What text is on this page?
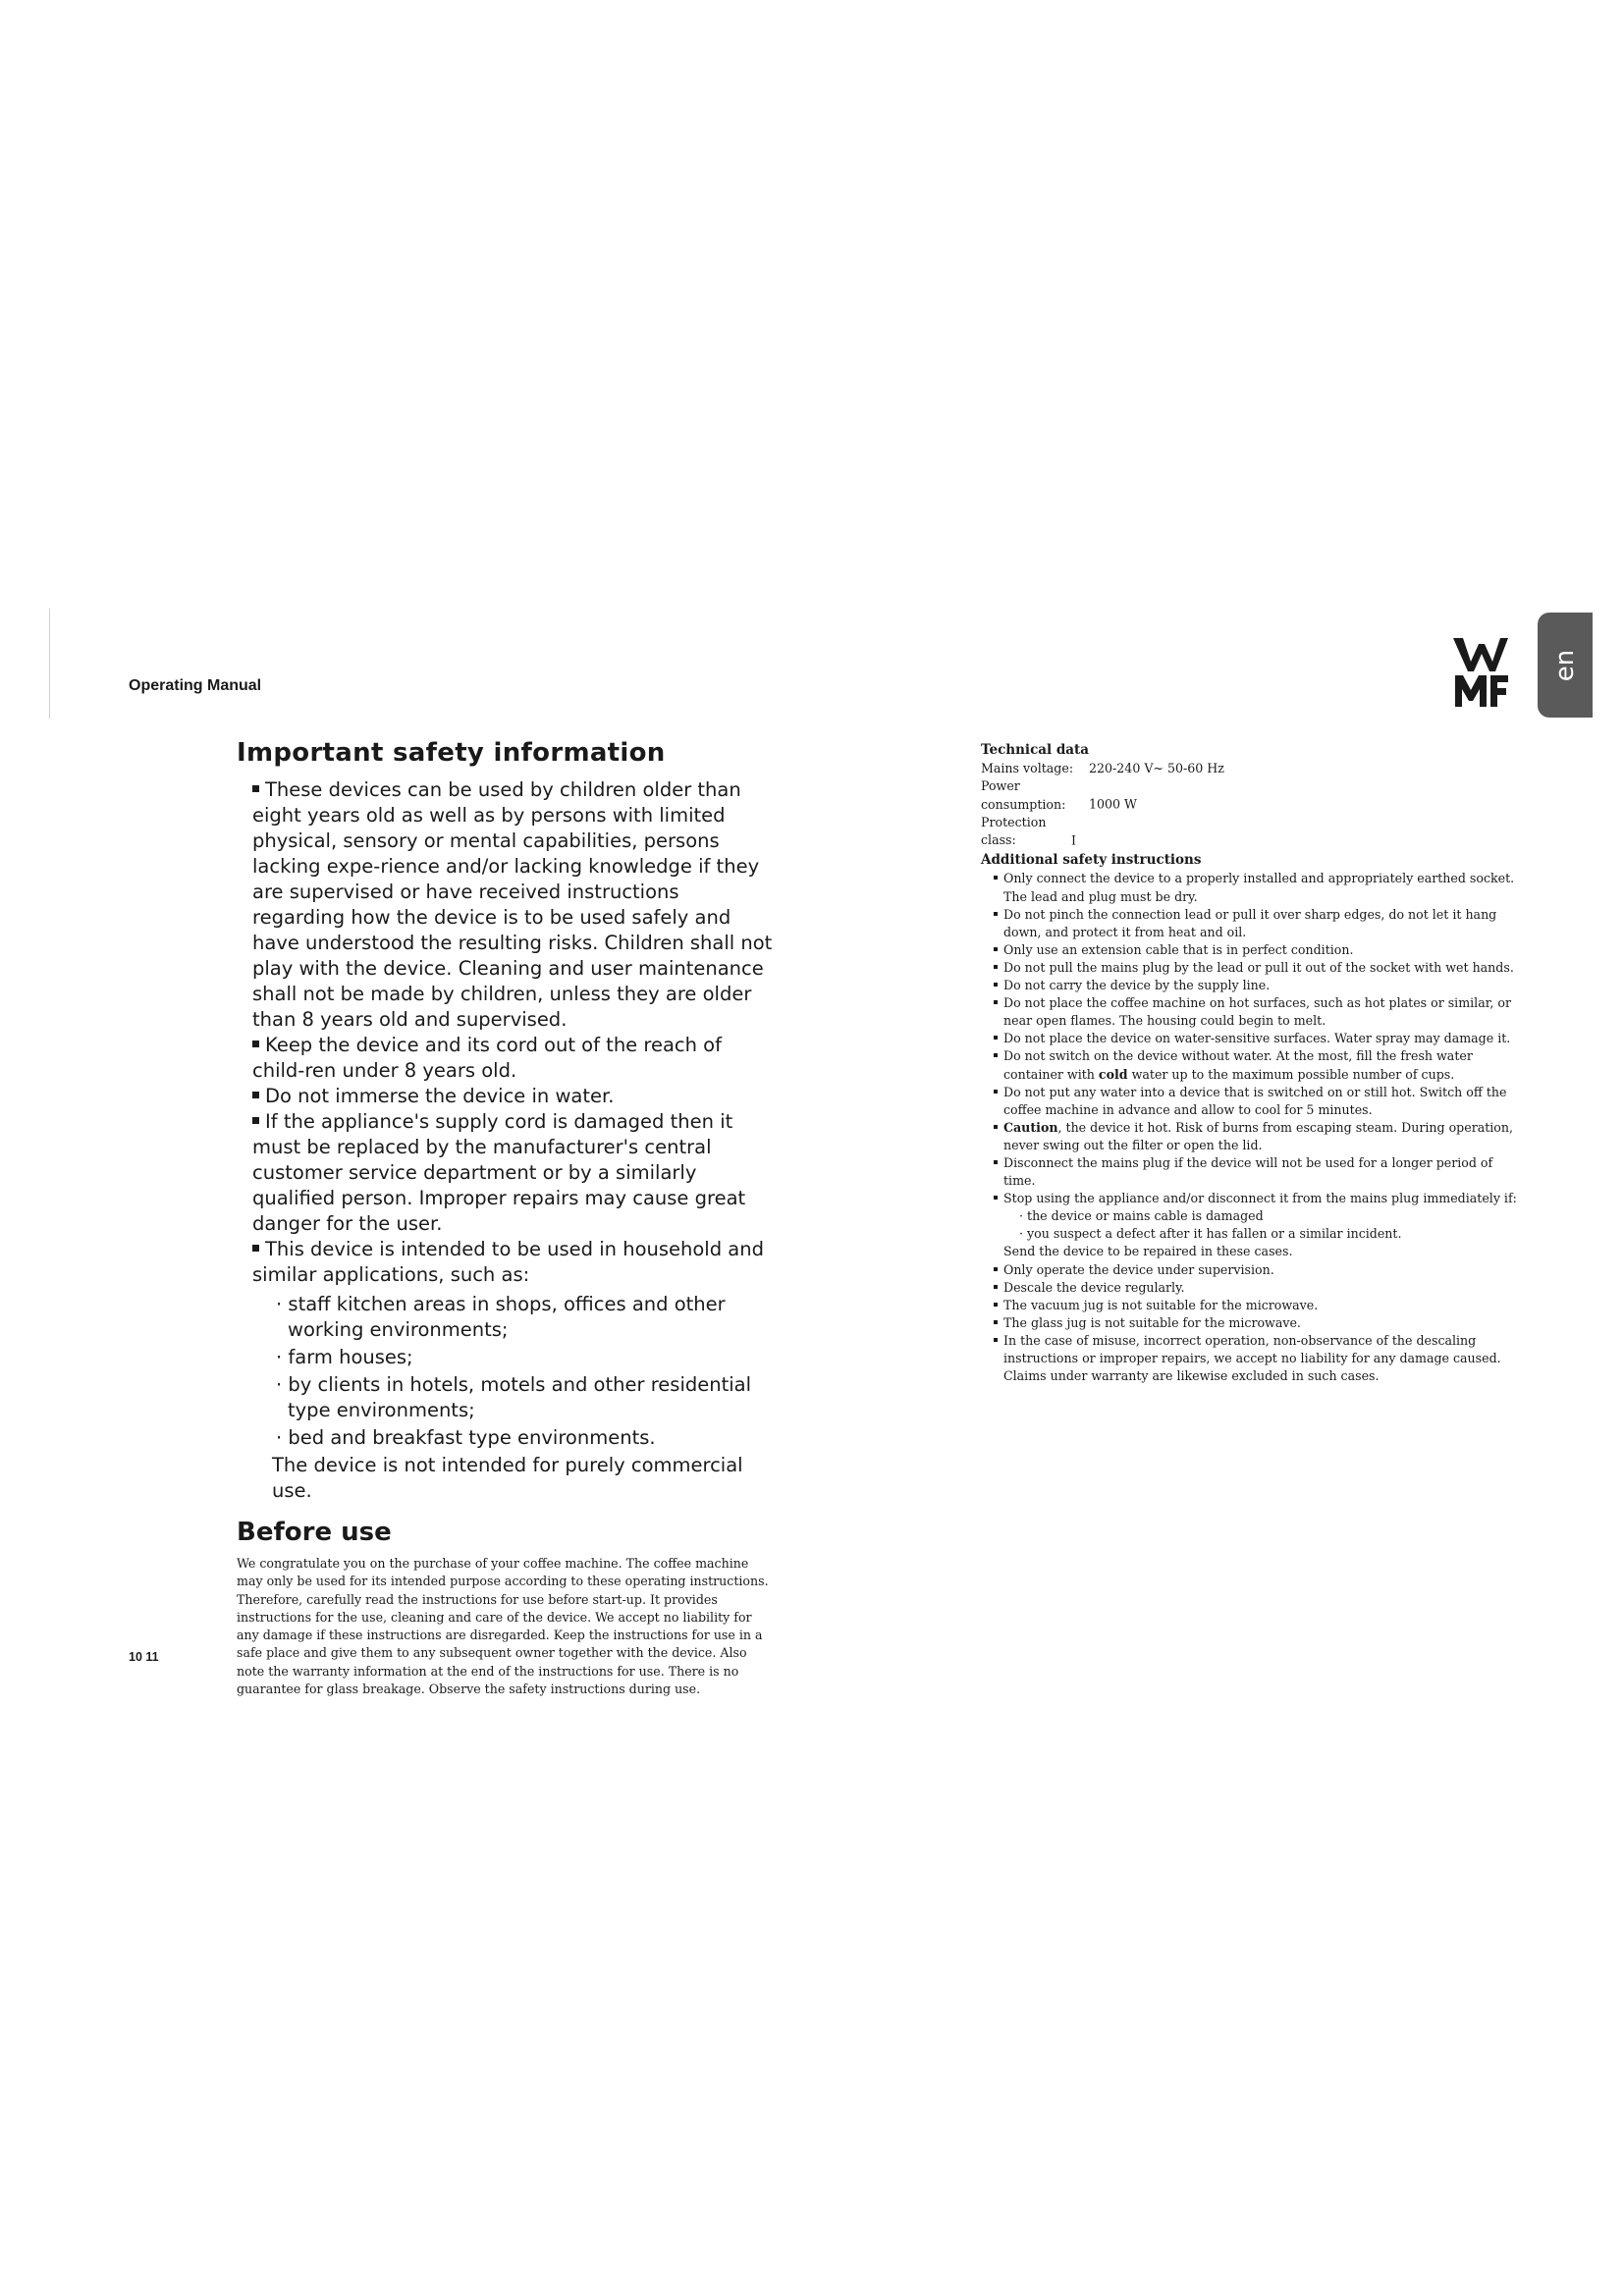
Operating Manual
en
Important safety information
These devices can be used by children older than eight years old as well as by persons with limited physical, sensory or mental capabilities, persons lacking expe-rience and/or lacking knowledge if they are supervised or have received instructions regarding how the device is to be used safely and have understood the resulting risks. Children shall not play with the device. Cleaning and user maintenance shall not be made by children, unless they are older than 8 years old and supervised.
Keep the device and its cord out of the reach of child-ren under 8 years old.
Do not immerse the device in water.
If the appliance's supply cord is damaged then it must be replaced by the manufacturer's central customer service department or by a similarly qualified person. Improper repairs may cause great danger for the user.
This device is intended to be used in household and similar applications, such as:
· staff kitchen areas in shops, offices and other working environments;
· farm houses;
· by clients in hotels, motels and other residential type environments;
· bed and breakfast type environments.
The device is not intended for purely commercial use.
Before use
We congratulate you on the purchase of your coffee machine. The coffee machine may only be used for its intended purpose according to these operating instructions. Therefore, carefully read the instructions for use before start-up. It provides instructions for the use, cleaning and care of the device. We accept no liability for any damage if these instructions are disregarded. Keep the instructions for use in a safe place and give them to any subsequent owner together with the device. Also note the warranty information at the end of the instructions for use. There is no guarantee for glass breakage. Observe the safety instructions during use.
Technical data
Mains voltage: 220-240 V~ 50-60 Hz
Power consumption: 1000 W
Protection class:	I
Additional safety instructions
Only connect the device to a properly installed and appropriately earthed socket. The lead and plug must be dry.
Do not pinch the connection lead or pull it over sharp edges, do not let it hang down, and protect it from heat and oil.
Only use an extension cable that is in perfect condition.
Do not pull the mains plug by the lead or pull it out of the socket with wet hands.
Do not carry the device by the supply line.
Do not place the coffee machine on hot surfaces, such as hot plates or similar, or near open flames. The housing could begin to melt.
Do not place the device on water-sensitive surfaces. Water spray may damage it.
Do not switch on the device without water. At the most, fill the fresh water container with cold water up to the maximum possible number of cups.
Do not put any water into a device that is switched on or still hot. Switch off the coffee machine in advance and allow to cool for 5 minutes.
Caution, the device it hot. Risk of burns from escaping steam. During operation, never swing out the filter or open the lid.
Disconnect the mains plug if the device will not be used for a longer period of time.
Stop using the appliance and/or disconnect it from the mains plug immediately if:
· the device or mains cable is damaged
· you suspect a defect after it has fallen or a similar incident.
Send the device to be repaired in these cases.
Only operate the device under supervision.
Descale the device regularly.
The vacuum jug is not suitable for the microwave.
The glass jug is not suitable for the microwave.
In the case of misuse, incorrect operation, non-observance of the descaling instructions or improper repairs, we accept no liability for any damage caused. Claims under warranty are likewise excluded in such cases.
10 11
